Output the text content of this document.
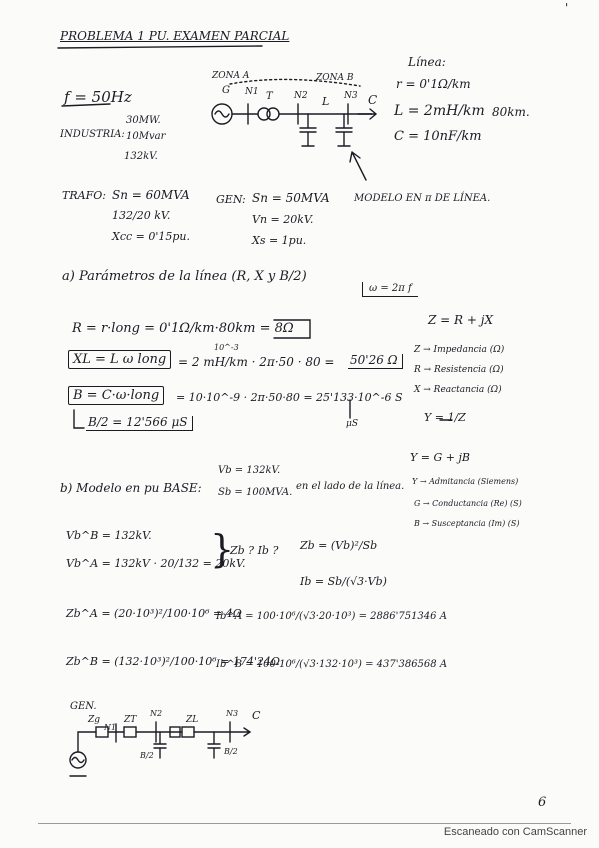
PROBLEMA 1 PU. EXAMEN PARCIAL
'
f = 50Hz
INDUSTRIA:
30MW.
10Mvar
132kV.
Línea:
r = 0'1Ω/km
L = 2mH/km 80km.
C = 10nF/km
TRAFO: Sn = 60MVA
132/20 kV.
Xcc = 0'15pu.
GEN: Sn = 50MVA
Vn = 20kV.
Xs = 1pu.
MODELO EN π DE LÍNEA.
ZONA A	ZONA B
G N1 T N2 L N3 C
a) Parámetros de la línea (R, X y B/2)
ω = 2π f
R = r·long = 0'1Ω/km·80km = 8Ω
XL = L ω long = 2 mH/km · 2π·50 · 80 =
10^-3
50'26 Ω
B = C·ω·long	= 10·10^-9 · 2π·50·80 = 25'133·10^-6 S
μS
B/2 = 12'566 μS
Z = R + jX
Z → Impedancia (Ω)
R → Resistencia (Ω)
X → Reactancia (Ω)
Y = 1/Z
Y = G + jB
Y → Admitancia (Siemens)
G → Conductancia (Re) (S)
B → Susceptancia (Im) (S)
b) Modelo en pu BASE:
Vb = 132kV.
Sb = 100MVA.
en el lado de la línea.
Vb^B = 132kV.
Vb^A = 132kV · 20/132 = 20kV.
}
Zb ? Ib ? Zb = (Vb)²/Sb
Ib = Sb/(√3·Vb)
Zb^A = (20·10³)²/100·10⁶ = 4Ω
Ib^A = 100·10⁶/(√3·20·10³) = 2886'751346 A
Zb^B = (132·10³)²/100·10⁶ = 174'24Ω
Ib^B = 100·10⁶/(√3·132·10³) = 437'386568 A
GEN.
Zg	ZT	ZL
N1
N2	N3 C
B/2	B/2
6
Escaneado con CamScanner
